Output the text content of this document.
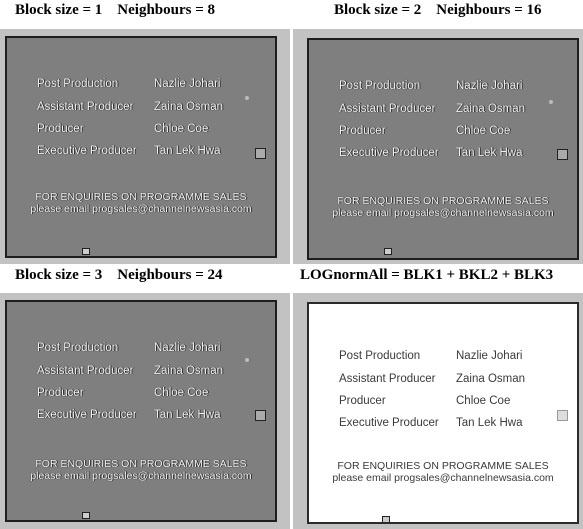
Block size = 1    Neighbours = 8	Block size = 2    Neighbours = 16
Block size = 3    Neighbours = 24	LOGnormAll = BLK1 + BKL2 + BLK3
Post Production	Nazlie Johari
Assistant Producer Zaina Osman
Producer	Chloe Coe
Executive Producer Tan Lek Hwa
FOR ENQUIRIES ON PROGRAMME SALES
please email progsales@channelnewsasia.com
Post Production	Nazlie Johari
Assistant Producer Zaina Osman
Producer	Chloe Coe
Executive Producer Tan Lek Hwa
FOR ENQUIRIES ON PROGRAMME SALES
please email progsales@channelnewsasia.com
Post Production	Nazlie Johari
Assistant Producer Zaina Osman
Producer	Chloe Coe
Executive Producer Tan Lek Hwa
FOR ENQUIRIES ON PROGRAMME SALES
please email progsales@channelnewsasia.com
Post Production	Nazlie Johari
Assistant Producer Zaina Osman
Producer	Chloe Coe
Executive Producer Tan Lek Hwa
FOR ENQUIRIES ON PROGRAMME SALES
please email progsales@channelnewsasia.com
